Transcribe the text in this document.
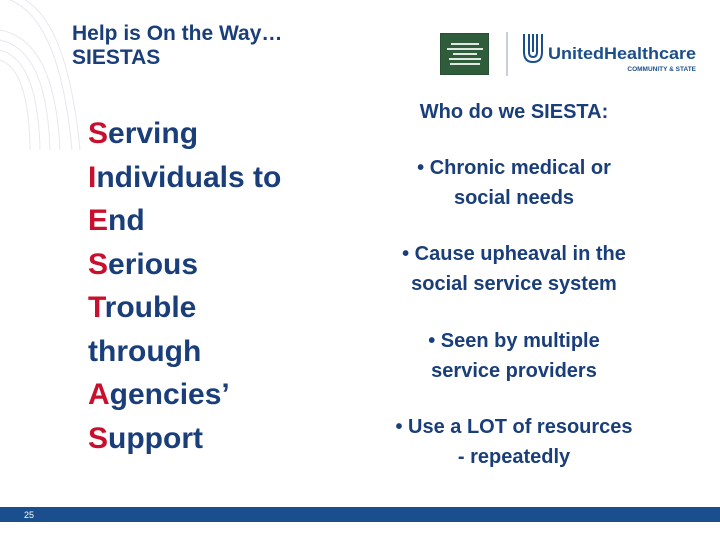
Help is On the Way…
SIESTAS	UnitedHealthcare
COMMUNITY & STATE
Serving
Individuals to
End
Serious
Trouble
through
Agencies’
Support
Who do we SIESTA:
• Chronic medical or
social needs
• Cause upheaval in the
social service system
• Seen by multiple
service providers
• Use a LOT of resources
- repeatedly
25
